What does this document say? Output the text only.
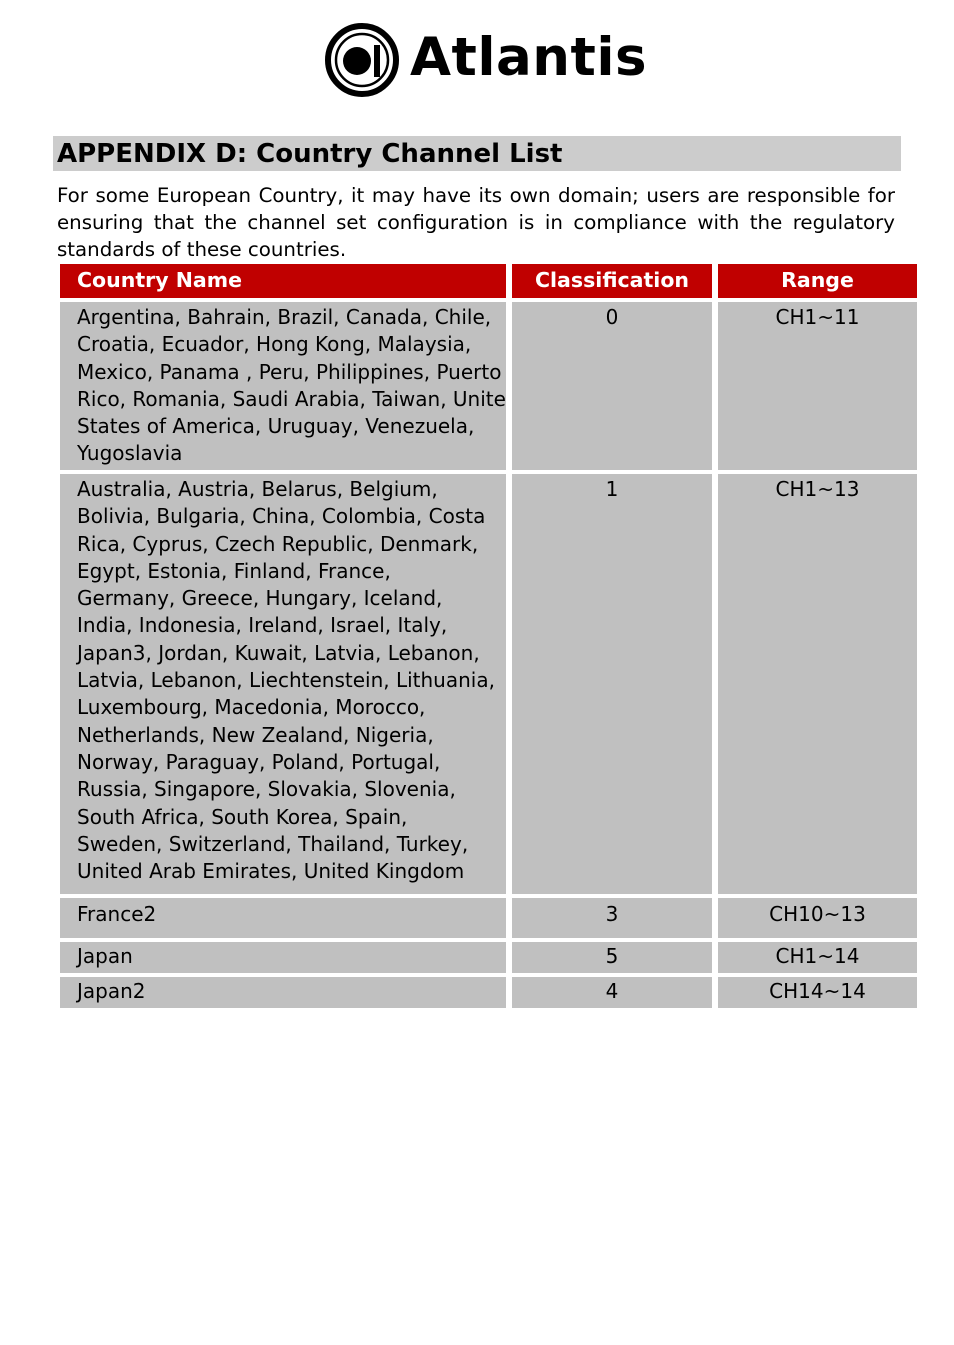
Atlantis
APPENDIX D: Country Channel List

For some European Country, it may have its own domain; users are responsible for ensuring that the channel set configuration is in compliance with the regulatory standards of these countries.

Country Name	Classification	Range
Argentina, Bahrain, Brazil, Canada, Chile,
Croatia, Ecuador, Hong Kong, Malaysia,
Mexico, Panama , Peru, Philippines, Puerto
Rico, Romania, Saudi Arabia, Taiwan, Unite
States of America, Uruguay, Venezuela,
Yugoslavia
0	CH1~11
Australia, Austria, Belarus, Belgium,
Bolivia, Bulgaria, China, Colombia, Costa
Rica, Cyprus, Czech Republic, Denmark,
Egypt, Estonia, Finland, France,
Germany, Greece, Hungary, Iceland,
India, Indonesia, Ireland, Israel, Italy,
Japan3, Jordan, Kuwait, Latvia, Lebanon,
Latvia, Lebanon, Liechtenstein, Lithuania,
Luxembourg, Macedonia, Morocco,
Netherlands, New Zealand, Nigeria,
Norway, Paraguay, Poland, Portugal,
Russia, Singapore, Slovakia, Slovenia,
South Africa, South Korea, Spain,
Sweden, Switzerland, Thailand, Turkey,
United Arab Emirates, United Kingdom
1	CH1~13
France2	3	CH10~13
Japan	5	CH1~14
Japan2	4	CH14~14
